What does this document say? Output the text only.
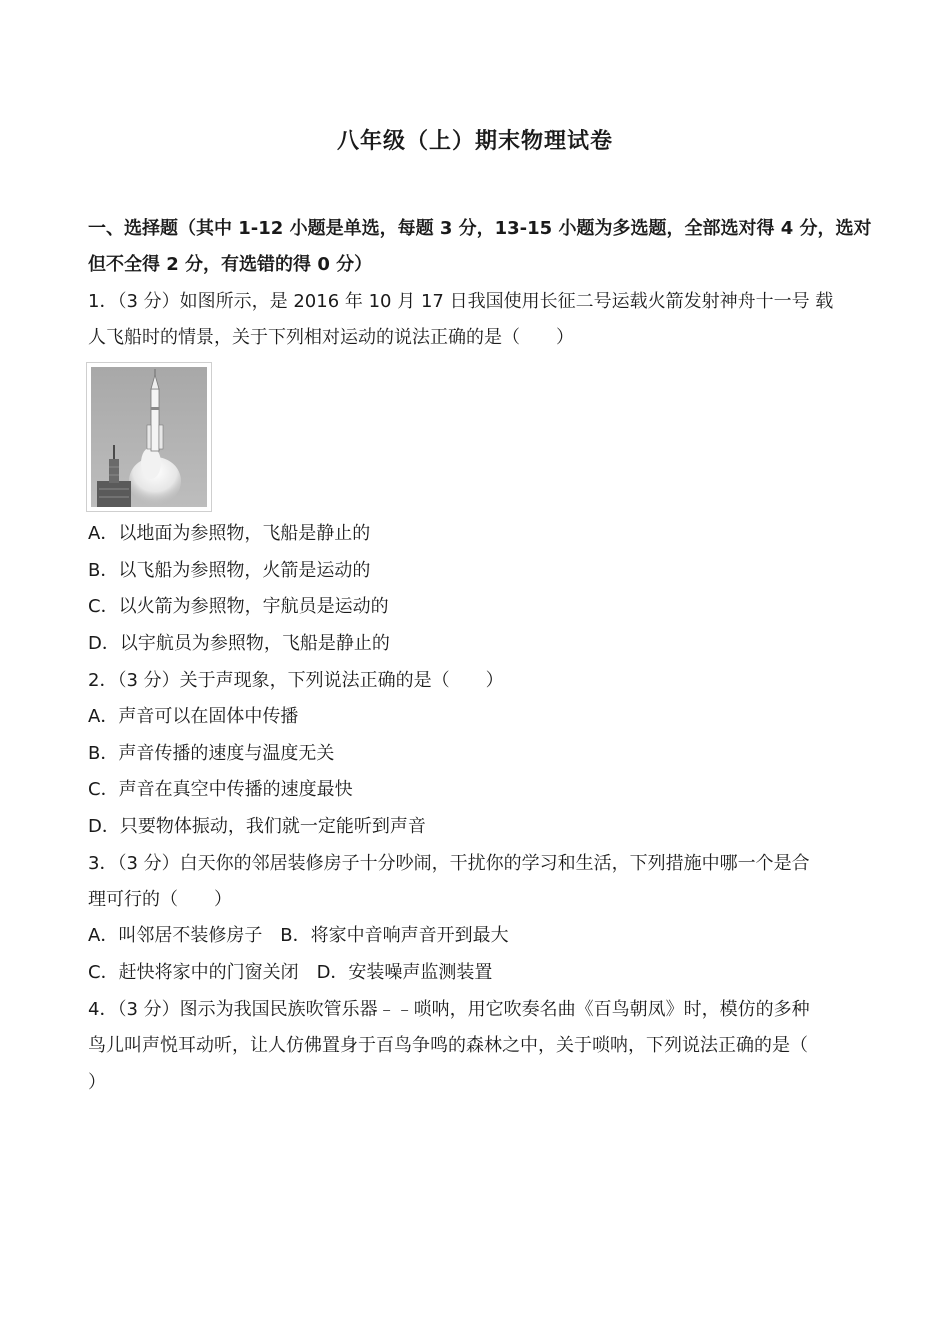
八年级（上）期末物理试卷
一、选择题（其中 1-12 小题是单选，每题 3 分，13-15 小题为多选题，全部选对得 4 分，选对
但不全得 2 分，有选错的得 0 分）
1．（3 分）如图所示，是 2016 年 10 月 17 日我国使用长征二号运载火箭发射神舟十一号 载
人飞船时的情景，关于下列相对运动的说法正确的是（　　）
A．以地面为参照物，飞船是静止的
B．以飞船为参照物，火箭是运动的
C．以火箭为参照物，宇航员是运动的
D．以宇航员为参照物，飞船是静止的
2．（3 分）关于声现象，下列说法正确的是（　　）
A．声音可以在固体中传播
B．声音传播的速度与温度无关
C．声音在真空中传播的速度最快
D．只要物体振动，我们就一定能听到声音
3．（3 分）白天你的邻居装修房子十分吵闹，干扰你的学习和生活，下列措施中哪一个是合
理可行的（　　）
A．叫邻居不装修房子　B．将家中音响声音开到最大
C．赶快将家中的门窗关闭　D．安装噪声监测装置
4．（3 分）图示为我国民族吹管乐器﹣﹣唢呐，用它吹奏名曲《百鸟朝凤》时，模仿的多种
鸟儿叫声悦耳动听，让人仿佛置身于百鸟争鸣的森林之中，关于唢呐，下列说法正确的是（
）
